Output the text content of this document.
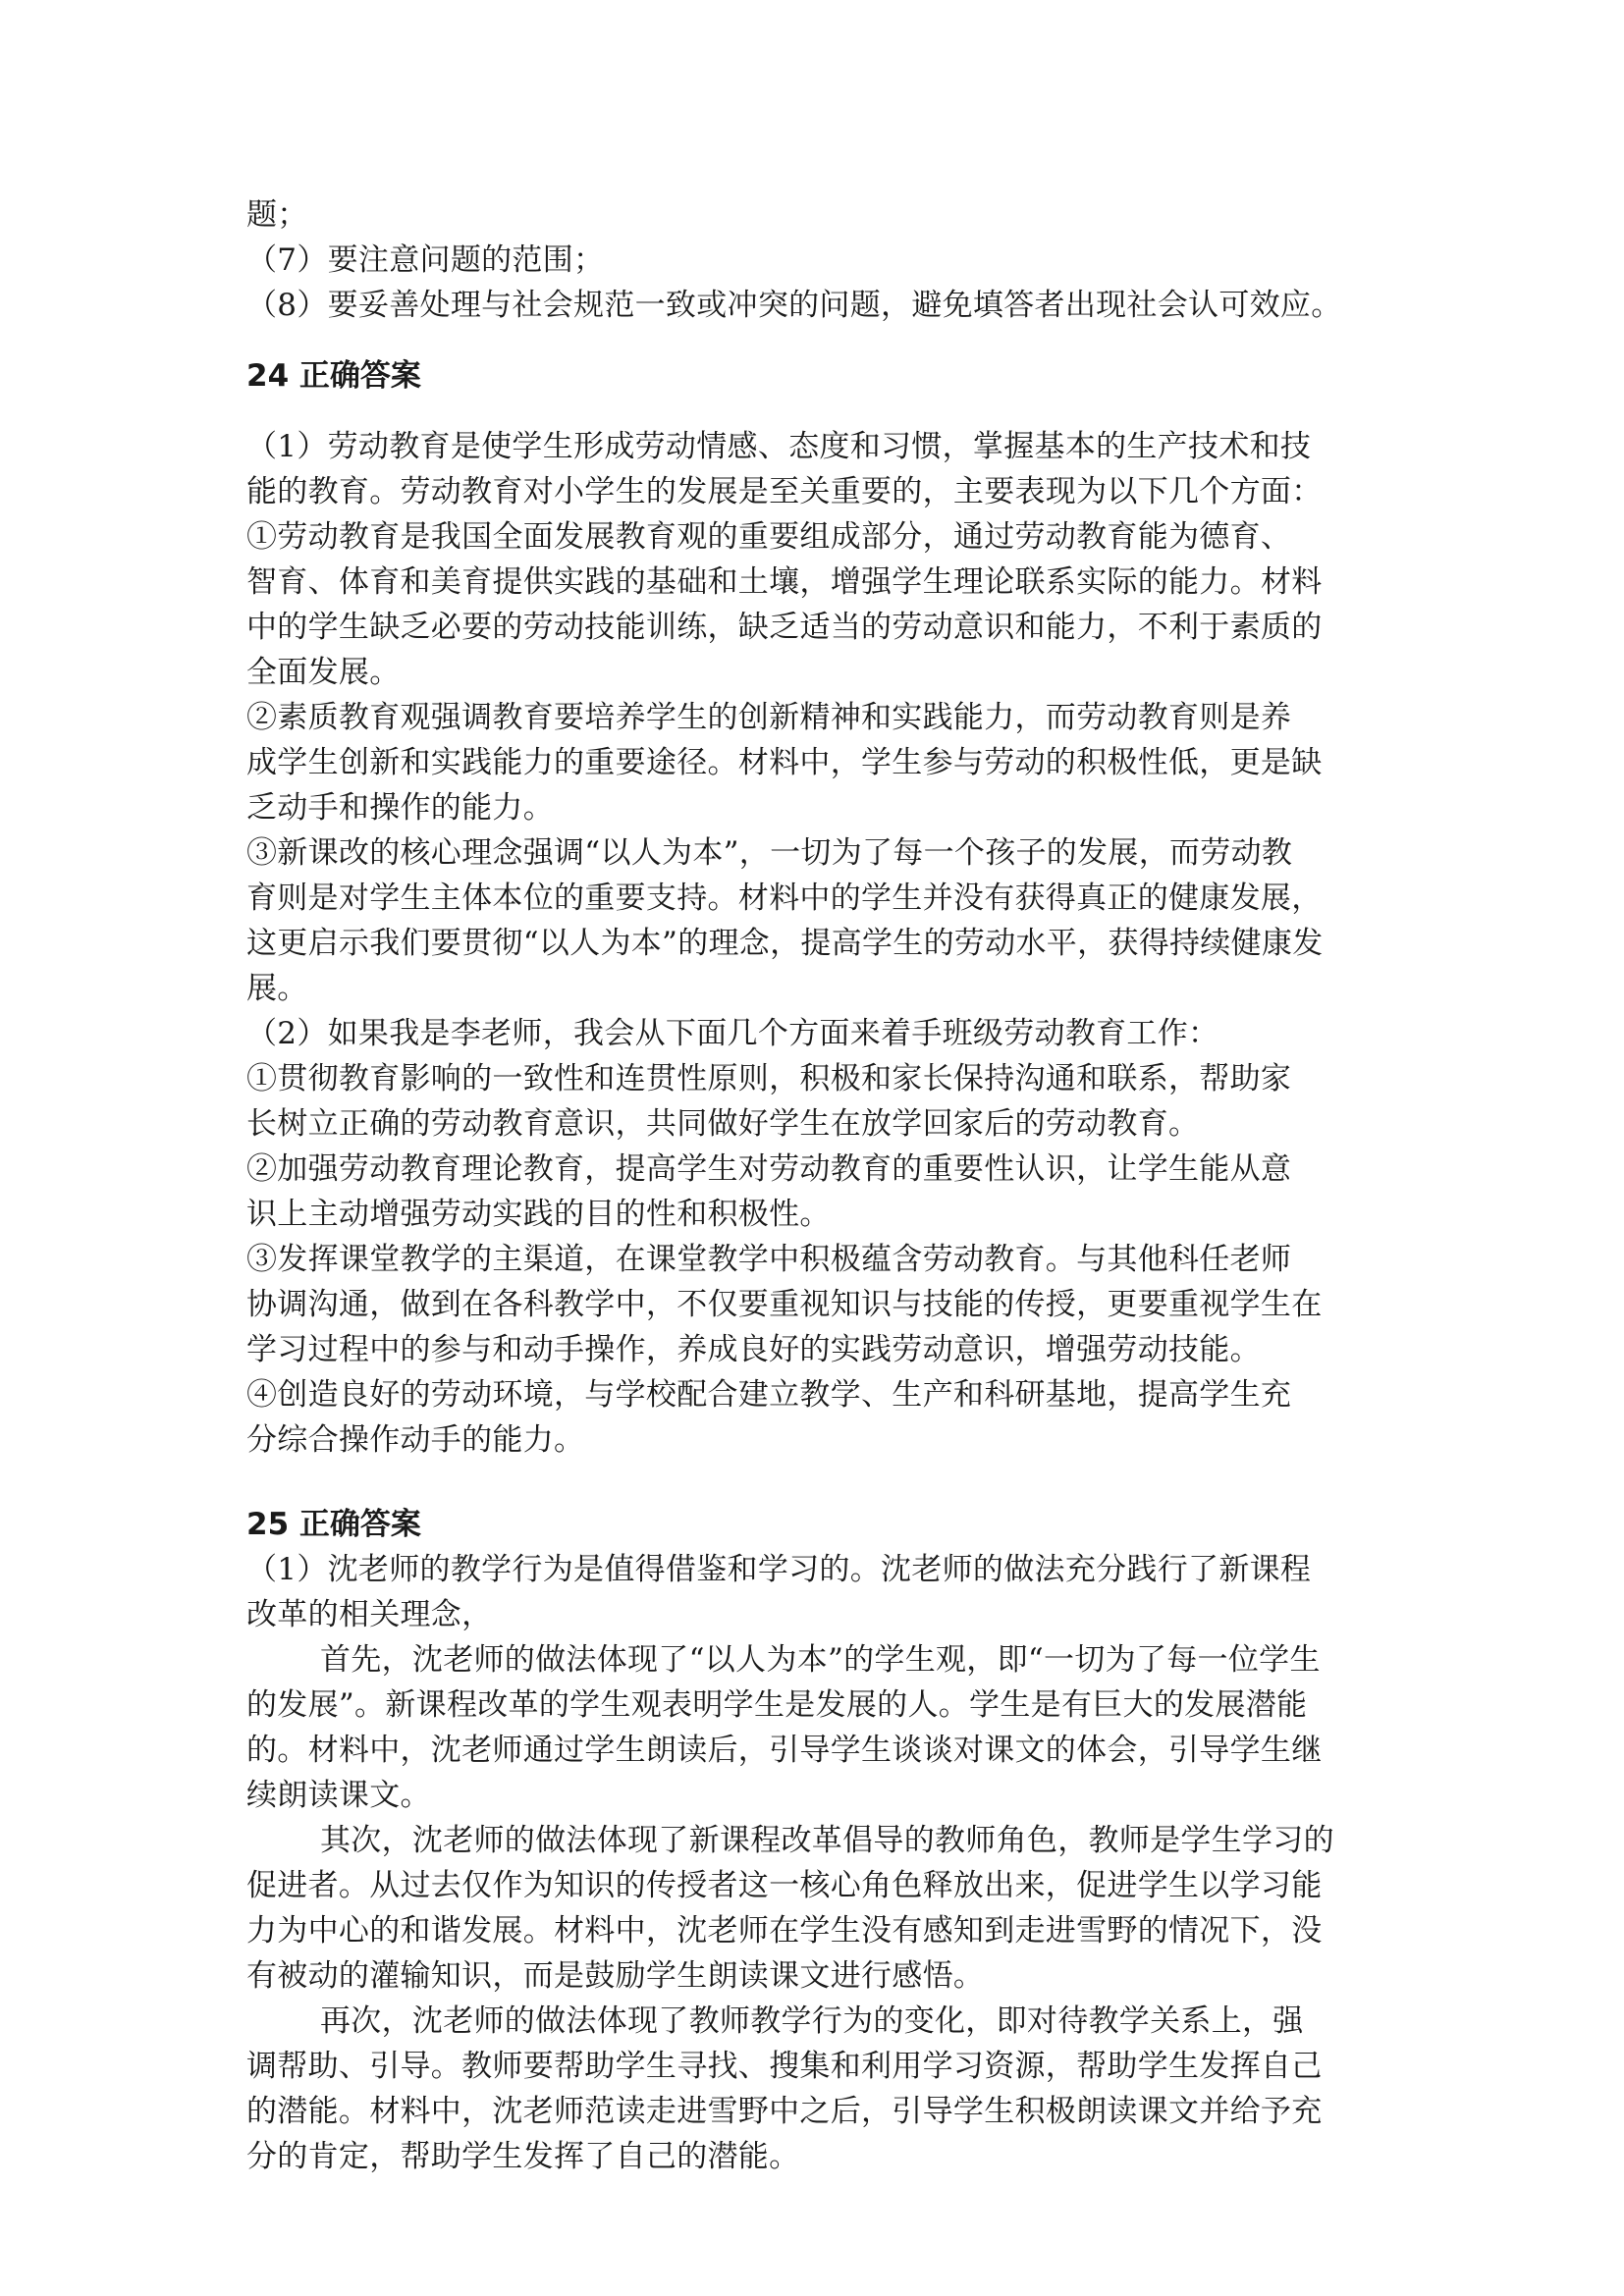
题；
（7）要注意问题的范围；
（8）要妥善处理与社会规范一致或冲突的问题，避免填答者出现社会认可效应。
24 正确答案
（1）劳动教育是使学生形成劳动情感、态度和习惯，掌握基本的生产技术和技
能的教育。劳动教育对小学生的发展是至关重要的，主要表现为以下几个方面：
①劳动教育是我国全面发展教育观的重要组成部分，通过劳动教育能为德育、
智育、体育和美育提供实践的基础和土壤，增强学生理论联系实际的能力。材料
中的学生缺乏必要的劳动技能训练，缺乏适当的劳动意识和能力，不利于素质的
全面发展。
②素质教育观强调教育要培养学生的创新精神和实践能力，而劳动教育则是养
成学生创新和实践能力的重要途径。材料中，学生参与劳动的积极性低，更是缺
乏动手和操作的能力。
③新课改的核心理念强调“以人为本”，一切为了每一个孩子的发展，而劳动教
育则是对学生主体本位的重要支持。材料中的学生并没有获得真正的健康发展，
这更启示我们要贯彻“以人为本”的理念，提高学生的劳动水平，获得持续健康发
展。
（2）如果我是李老师，我会从下面几个方面来着手班级劳动教育工作：
①贯彻教育影响的一致性和连贯性原则，积极和家长保持沟通和联系，帮助家
长树立正确的劳动教育意识，共同做好学生在放学回家后的劳动教育。
②加强劳动教育理论教育，提高学生对劳动教育的重要性认识，让学生能从意
识上主动增强劳动实践的目的性和积极性。
③发挥课堂教学的主渠道，在课堂教学中积极蕴含劳动教育。与其他科任老师
协调沟通，做到在各科教学中，不仅要重视知识与技能的传授，更要重视学生在
学习过程中的参与和动手操作，养成良好的实践劳动意识，增强劳动技能。
④创造良好的劳动环境，与学校配合建立教学、生产和科研基地，提高学生充
分综合操作动手的能力。
25 正确答案
（1）沈老师的教学行为是值得借鉴和学习的。沈老师的做法充分践行了新课程
改革的相关理念，
首先，沈老师的做法体现了“以人为本”的学生观，即“一切为了每一位学生
的发展”。新课程改革的学生观表明学生是发展的人。学生是有巨大的发展潜能
的。材料中，沈老师通过学生朗读后，引导学生谈谈对课文的体会，引导学生继
续朗读课文。
其次，沈老师的做法体现了新课程改革倡导的教师角色，教师是学生学习的
促进者。从过去仅作为知识的传授者这一核心角色释放出来，促进学生以学习能
力为中心的和谐发展。材料中，沈老师在学生没有感知到走进雪野的情况下，没
有被动的灌输知识，而是鼓励学生朗读课文进行感悟。
再次，沈老师的做法体现了教师教学行为的变化，即对待教学关系上，强
调帮助、引导。教师要帮助学生寻找、搜集和利用学习资源，帮助学生发挥自己
的潜能。材料中，沈老师范读走进雪野中之后，引导学生积极朗读课文并给予充
分的肯定，帮助学生发挥了自己的潜能。
